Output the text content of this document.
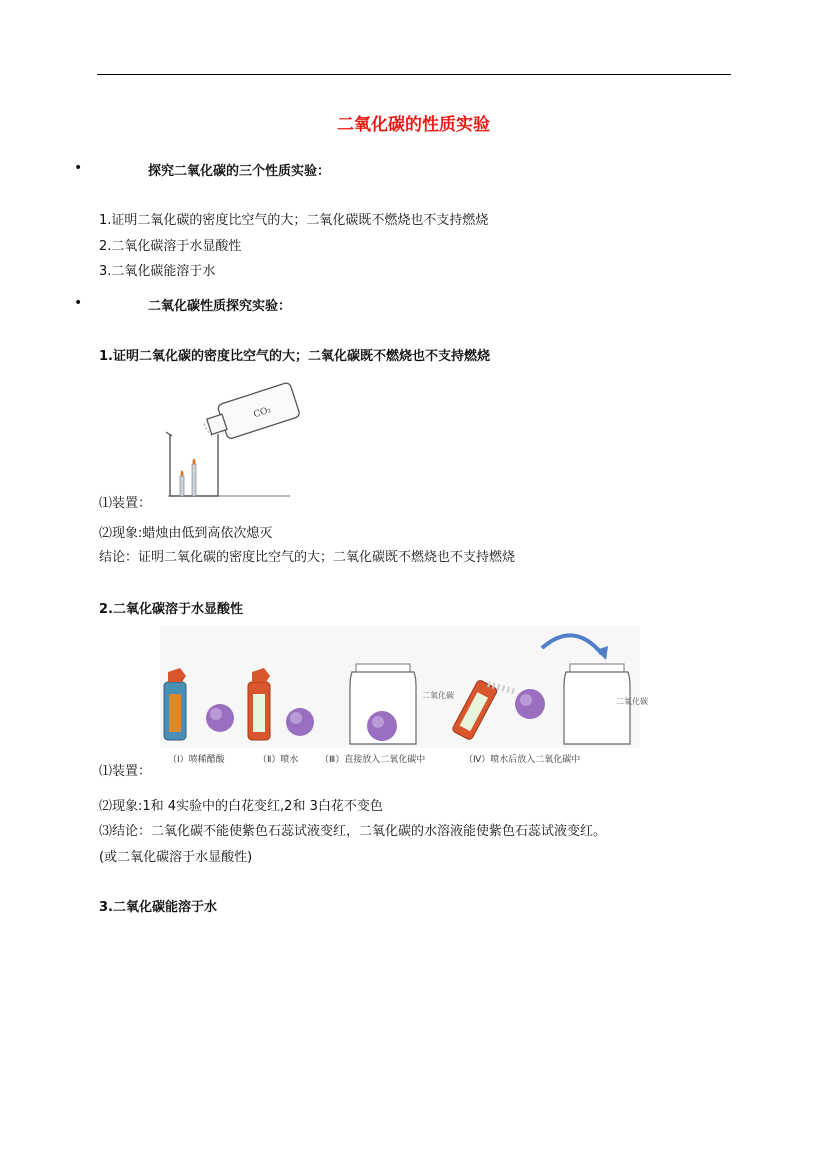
二氧化碳的性质实验
•	探究二氧化碳的三个性质实验：
1.证明二氧化碳的密度比空气的大；二氧化碳既不燃烧也不支持燃烧
2.二氧化碳溶于水显酸性
3.二氧化碳能溶于水
•	二氧化碳性质探究实验：
1.证明二氧化碳的密度比空气的大；二氧化碳既不燃烧也不支持燃烧
CO₂
⑴装置：
⑵现象:蜡烛由低到高依次熄灭
结论：证明二氧化碳的密度比空气的大；二氧化碳既不燃烧也不支持燃烧
2.二氧化碳溶于水显酸性
二氧化碳
二氧化碳
（Ⅰ）喷稀醋酸	（Ⅱ）喷水 （Ⅲ）直接放入二氧化碳中	（Ⅳ）喷水后放入二氧化碳中
⑴装置：
⑵现象:1和 4实验中的白花变红,2和 3白花不变色
⑶结论：二氧化碳不能使紫色石蕊试液变红，二氧化碳的水溶液能使紫色石蕊试液变红。
(或二氧化碳溶于水显酸性)
3.二氧化碳能溶于水
